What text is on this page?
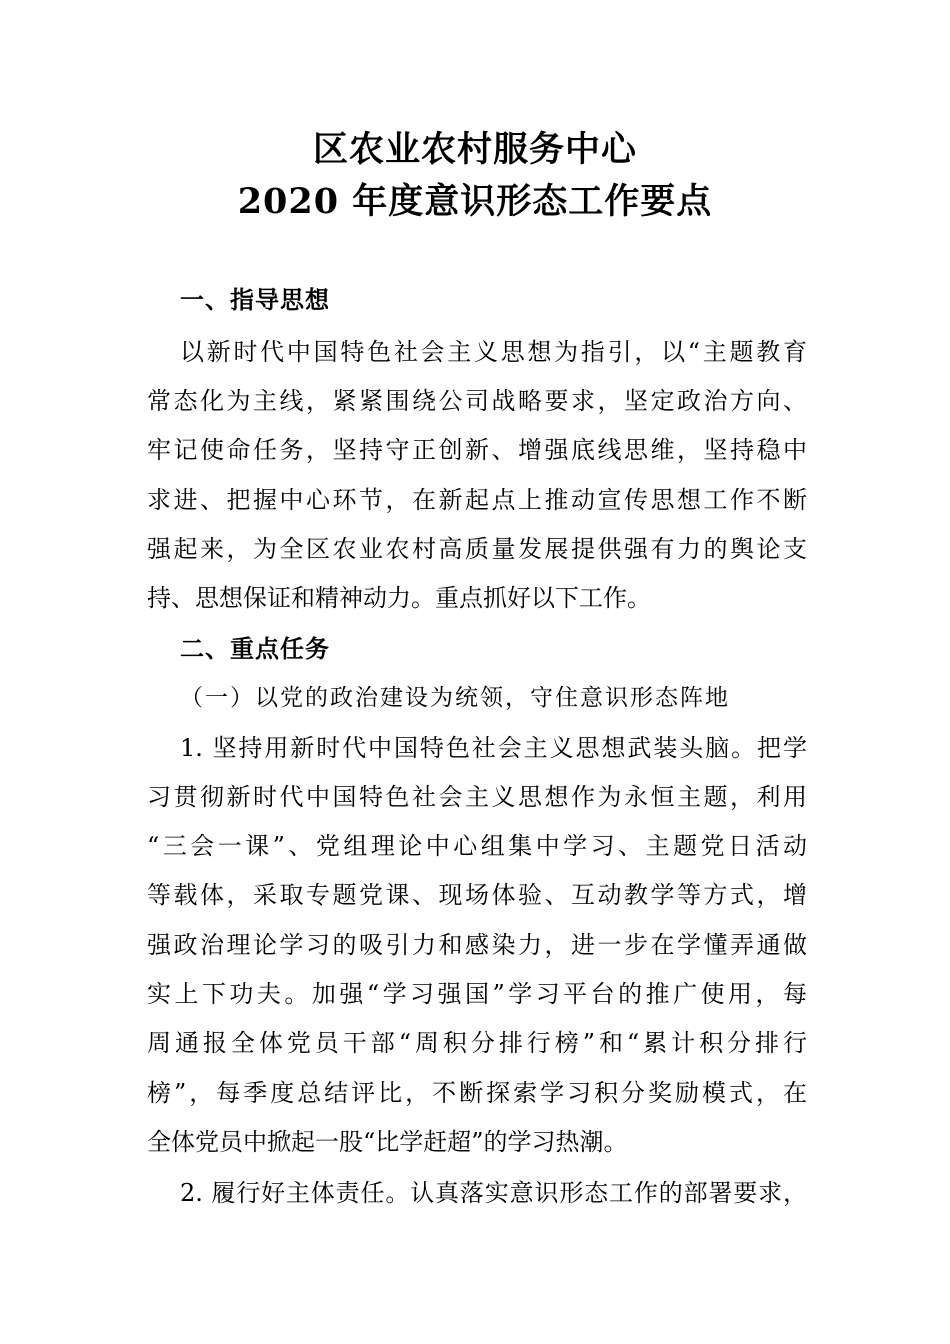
区农业农村服务中心
2020 年度意识形态工作要点
一、指导思想
以新时代中国特色社会主义思想为指引，以“主题教育
常态化为主线，紧紧围绕公司战略要求，坚定政治方向、
牢记使命任务，坚持守正创新、增强底线思维，坚持稳中
求进、把握中心环节，在新起点上推动宣传思想工作不断
强起来，为全区农业农村高质量发展提供强有力的舆论支
持、思想保证和精神动力。重点抓好以下工作。
二、重点任务
（一）以党的政治建设为统领，守住意识形态阵地
1. 坚持用新时代中国特色社会主义思想武装头脑。把学
习贯彻新时代中国特色社会主义思想作为永恒主题，利用
“三会一课”、党组理论中心组集中学习、主题党日活动
等载体，采取专题党课、现场体验、互动教学等方式，增
强政治理论学习的吸引力和感染力，进一步在学懂弄通做
实上下功夫。加强“学习强国”学习平台的推广使用，每
周通报全体党员干部“周积分排行榜”和“累计积分排行
榜”，每季度总结评比，不断探索学习积分奖励模式，在
全体党员中掀起一股“比学赶超”的学习热潮。
2. 履行好主体责任。认真落实意识形态工作的部署要求，
